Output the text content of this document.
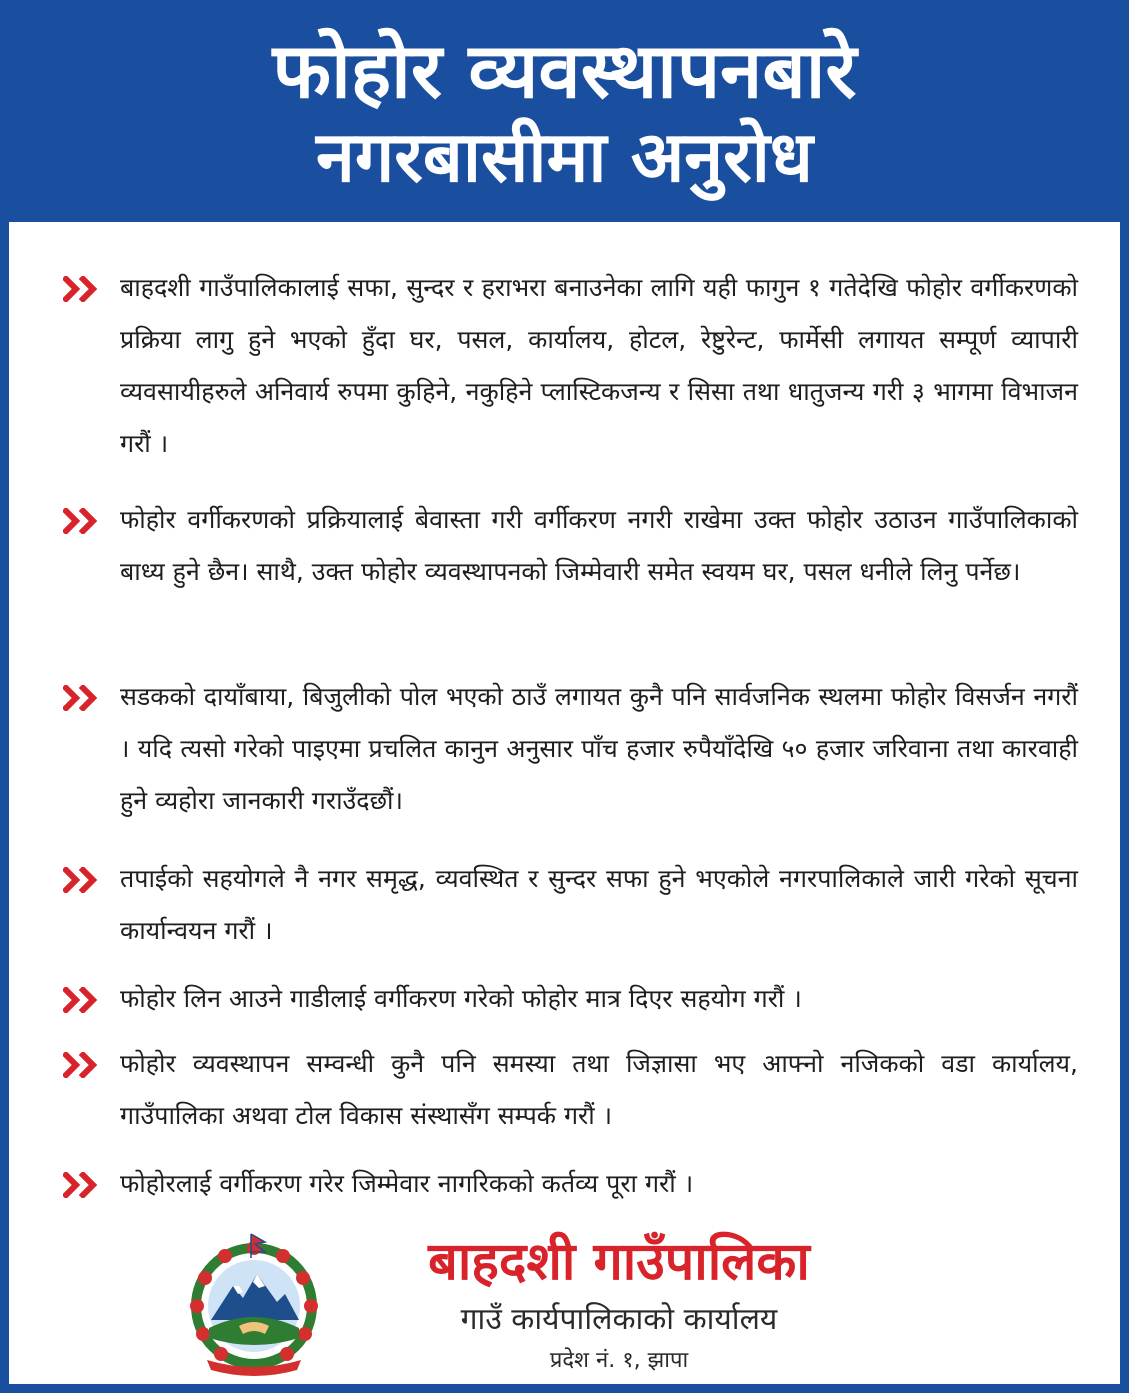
फोहोर व्यवस्थापनबारे
नगरबासीमा अनुरोध
बाहदशी गाउँपालिकालाई सफा, सुन्दर र हराभरा बनाउनेका लागि यही फागुन १ गतेदेखि फोहोर वर्गीकरणको प्रक्रिया लागु हुने भएको हुँदा घर, पसल, कार्यालय, होटल, रेष्टुरेन्ट, फार्मेसी लगायत सम्पूर्ण व्यापारी व्यवसायीहरुले अनिवार्य रुपमा कुहिने, नकुहिने प्लास्टिकजन्य र सिसा तथा धातुजन्य गरी ३ भागमा विभाजन गरौं ।
फोहोर वर्गीकरणको प्रक्रियालाई बेवास्ता गरी वर्गीकरण नगरी राखेमा उक्त फोहोर उठाउन गाउँपालिकाको बाध्य हुने छैन। साथै, उक्त फोहोर व्यवस्थापनको जिम्मेवारी समेत स्वयम घर, पसल धनीले लिनु पर्नेछ।
सडकको दायाँबाया, बिजुलीको पोल भएको ठाउँ लगायत कुनै पनि सार्वजनिक स्थलमा फोहोर विसर्जन नगरौं । यदि त्यसो गरेको पाइएमा प्रचलित कानुन अनुसार पाँच हजार रुपैयाँदेखि ५० हजार जरिवाना तथा कारवाही हुने व्यहोरा जानकारी गराउँदछौं।
तपाईको सहयोगले नै नगर समृद्ध, व्यवस्थित र सुन्दर सफा हुने भएकोले नगरपालिकाले जारी गरेको सूचना कार्यान्वयन गरौं ।
फोहोर लिन आउने गाडीलाई वर्गीकरण गरेको फोहोर मात्र दिएर सहयोग गरौं ।
फोहोर व्यवस्थापन सम्वन्धी कुनै पनि समस्या तथा जिज्ञासा भए आफ्नो नजिकको वडा कार्यालय, गाउँपालिका अथवा टोल विकास संस्थासँग सम्पर्क गरौं ।
फोहोरलाई वर्गीकरण गरेर जिम्मेवार नागरिकको कर्तव्य पूरा गरौं ।
बाहदशी गाउँपालिका
गाउँ कार्यपालिकाको कार्यालय
प्रदेश नं. १, झापा
